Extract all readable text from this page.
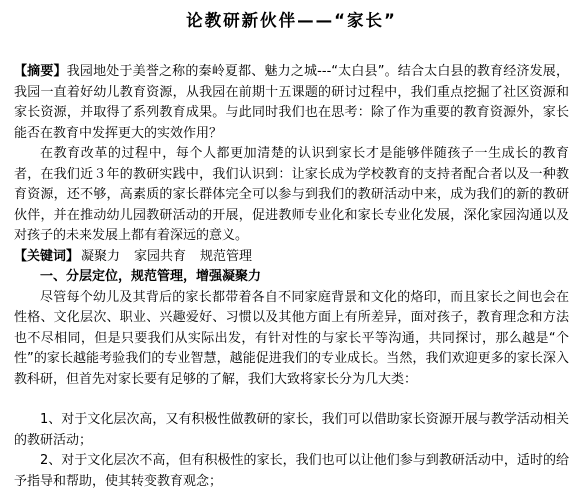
论教研新伙伴——“家长”

【摘要】我园地处于美誉之称的秦岭夏都、魅力之城---“太白县”。结合太白县的教育经济发展，我园一直着好幼儿教育资源，从我园在前期十五课题的研讨过程中，我们重点挖掘了社区资源和家长资源，并取得了系列教育成果。与此同时我们也在思考：除了作为重要的教育资源外，家长能否在教育中发挥更大的实效作用？

在教育改革的过程中，每个人都更加清楚的认识到家长才是能够伴随孩子一生成长的教育者，在我们近３年的教研实践中，我们认识到：让家长成为学校教育的支持者配合者以及一种教育资源，还不够，高素质的家长群体完全可以参与到我们的教研活动中来，成为我们的新的教研伙伴，并在推动幼儿园教研活动的开展，促进教师专业化和家长专业化发展，深化家园沟通以及对孩子的未来发展上都有着深远的意义。

【关键词】 凝聚力 家园共育 规范管理

一、分层定位，规范管理，增强凝聚力

尽管每个幼儿及其背后的家长都带着各自不同家庭背景和文化的烙印，而且家长之间也会在性格、文化层次、职业、兴趣爱好、习惯以及其他方面上有所差异，面对孩子，教育理念和方法也不尽相同，但是只要我们从实际出发，有针对性的与家长平等沟通，共同探讨，那么越是“个性”的家长越能考验我们的专业智慧，越能促进我们的专业成长。当然，我们欢迎更多的家长深入教科研，但首先对家长要有足够的了解，我们大致将家长分为几大类：

1、对于文化层次高，又有积极性做教研的家长，我们可以借助家长资源开展与教学活动相关的教研活动；

2、对于文化层次不高，但有积极性的家长，我们也可以让他们参与到教研活动中，适时的给予指导和帮助，使其转变教育观念；
